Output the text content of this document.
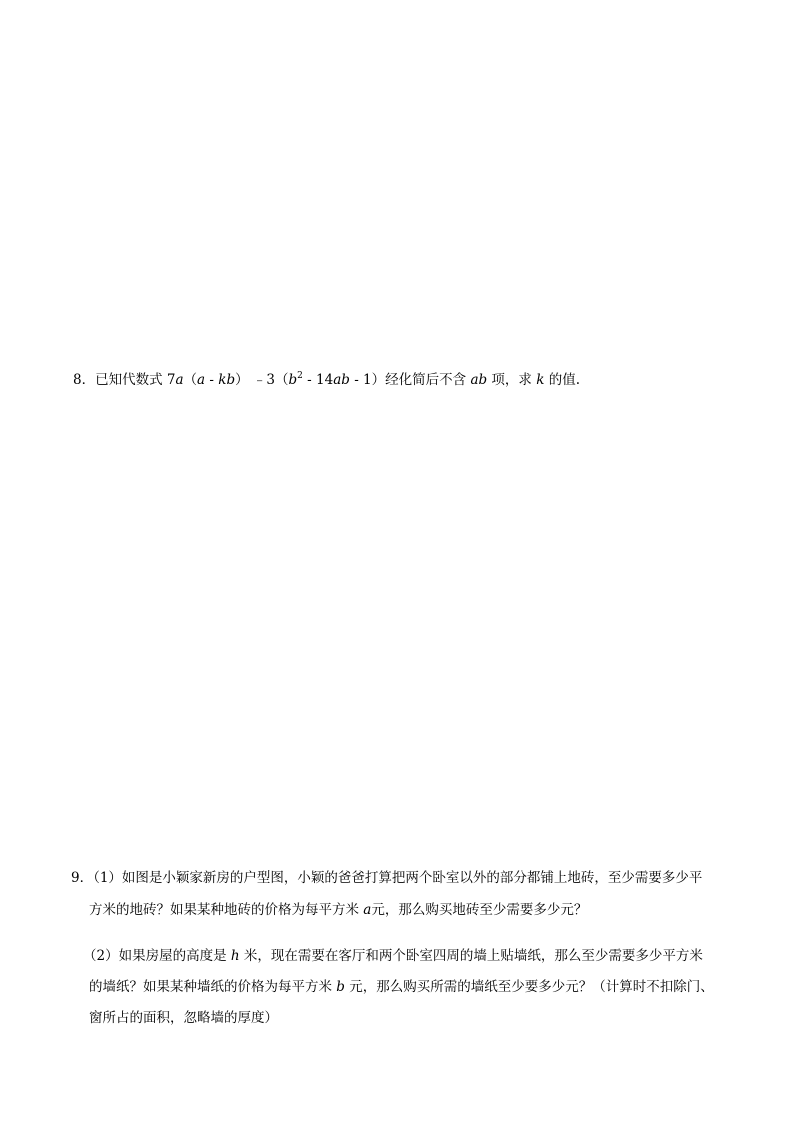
8．已知代数式 7a（a - kb） $﹣3(b^2 - 14ab - 1)$经化简后不含 ab 项，求 k 的值.
9．（1）如图是小颖家新房的户型图，小颖的爸爸打算把两个卧室以外的部分都铺上地砖，至少需要多少平
方米的地砖？如果某种地砖的价格为每平方米 a元，那么购买地砖至少需要多少元？
（2）如果房屋的高度是 h 米，现在需要在客厅和两个卧室四周的墙上贴墙纸，那么至少需要多少平方米
的墙纸？如果某种墙纸的价格为每平方米 b 元，那么购买所需的墙纸至少要多少元？（计算时不扣除门、
窗所占的面积，忽略墙的厚度）
